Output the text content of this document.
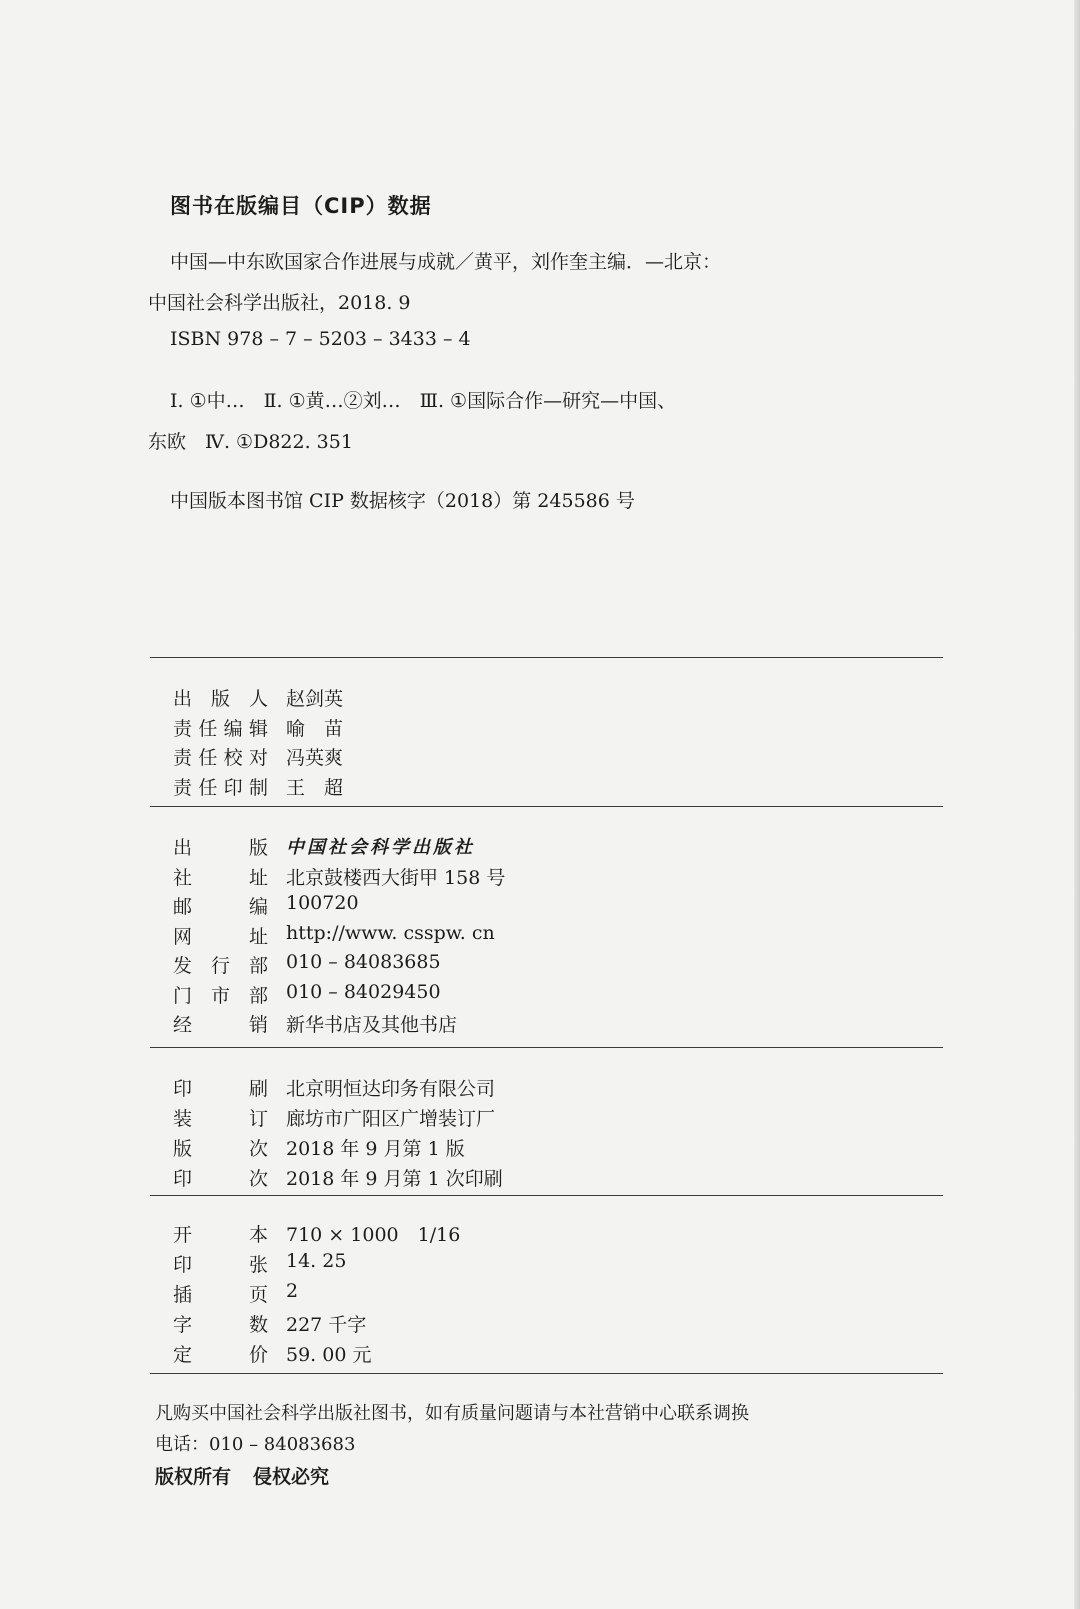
图书在版编目（CIP）数据
中国—中东欧国家合作进展与成就／黄平，刘作奎主编．—北京：
中国社会科学出版社，2018. 9
ISBN 978 – 7 – 5203 – 3433 – 4
Ⅰ. ①中…　Ⅱ. ①黄…②刘…　Ⅲ. ①国际合作—研究—中国、
东欧　Ⅳ. ①D822. 351
中国版本图书馆 CIP 数据核字（2018）第 245586 号
出 版 人 赵剑英
责 任 编 辑 喻　苗
责 任 校 对 冯英爽
责 任 印 制 王　超
出	版 中国社会科学出版社
社	址 北京鼓楼西大街甲 158 号
邮	编 100720
网	址 http://www. csspw. cn
发 行 部 010 – 84083685
门 市 部 010 – 84029450
经	销 新华书店及其他书店
印	刷 北京明恒达印务有限公司
装	订 廊坊市广阳区广增装订厂
版	次 2018 年 9 月第 1 版
印	次 2018 年 9 月第 1 次印刷
开	本 710 × 1000　1/16
印	张 14. 25
插	页 2
字	数 227 千字
定	价 59. 00 元
凡购买中国社会科学出版社图书，如有质量问题请与本社营销中心联系调换
电话：010 – 84083683
版权所有 侵权必究
